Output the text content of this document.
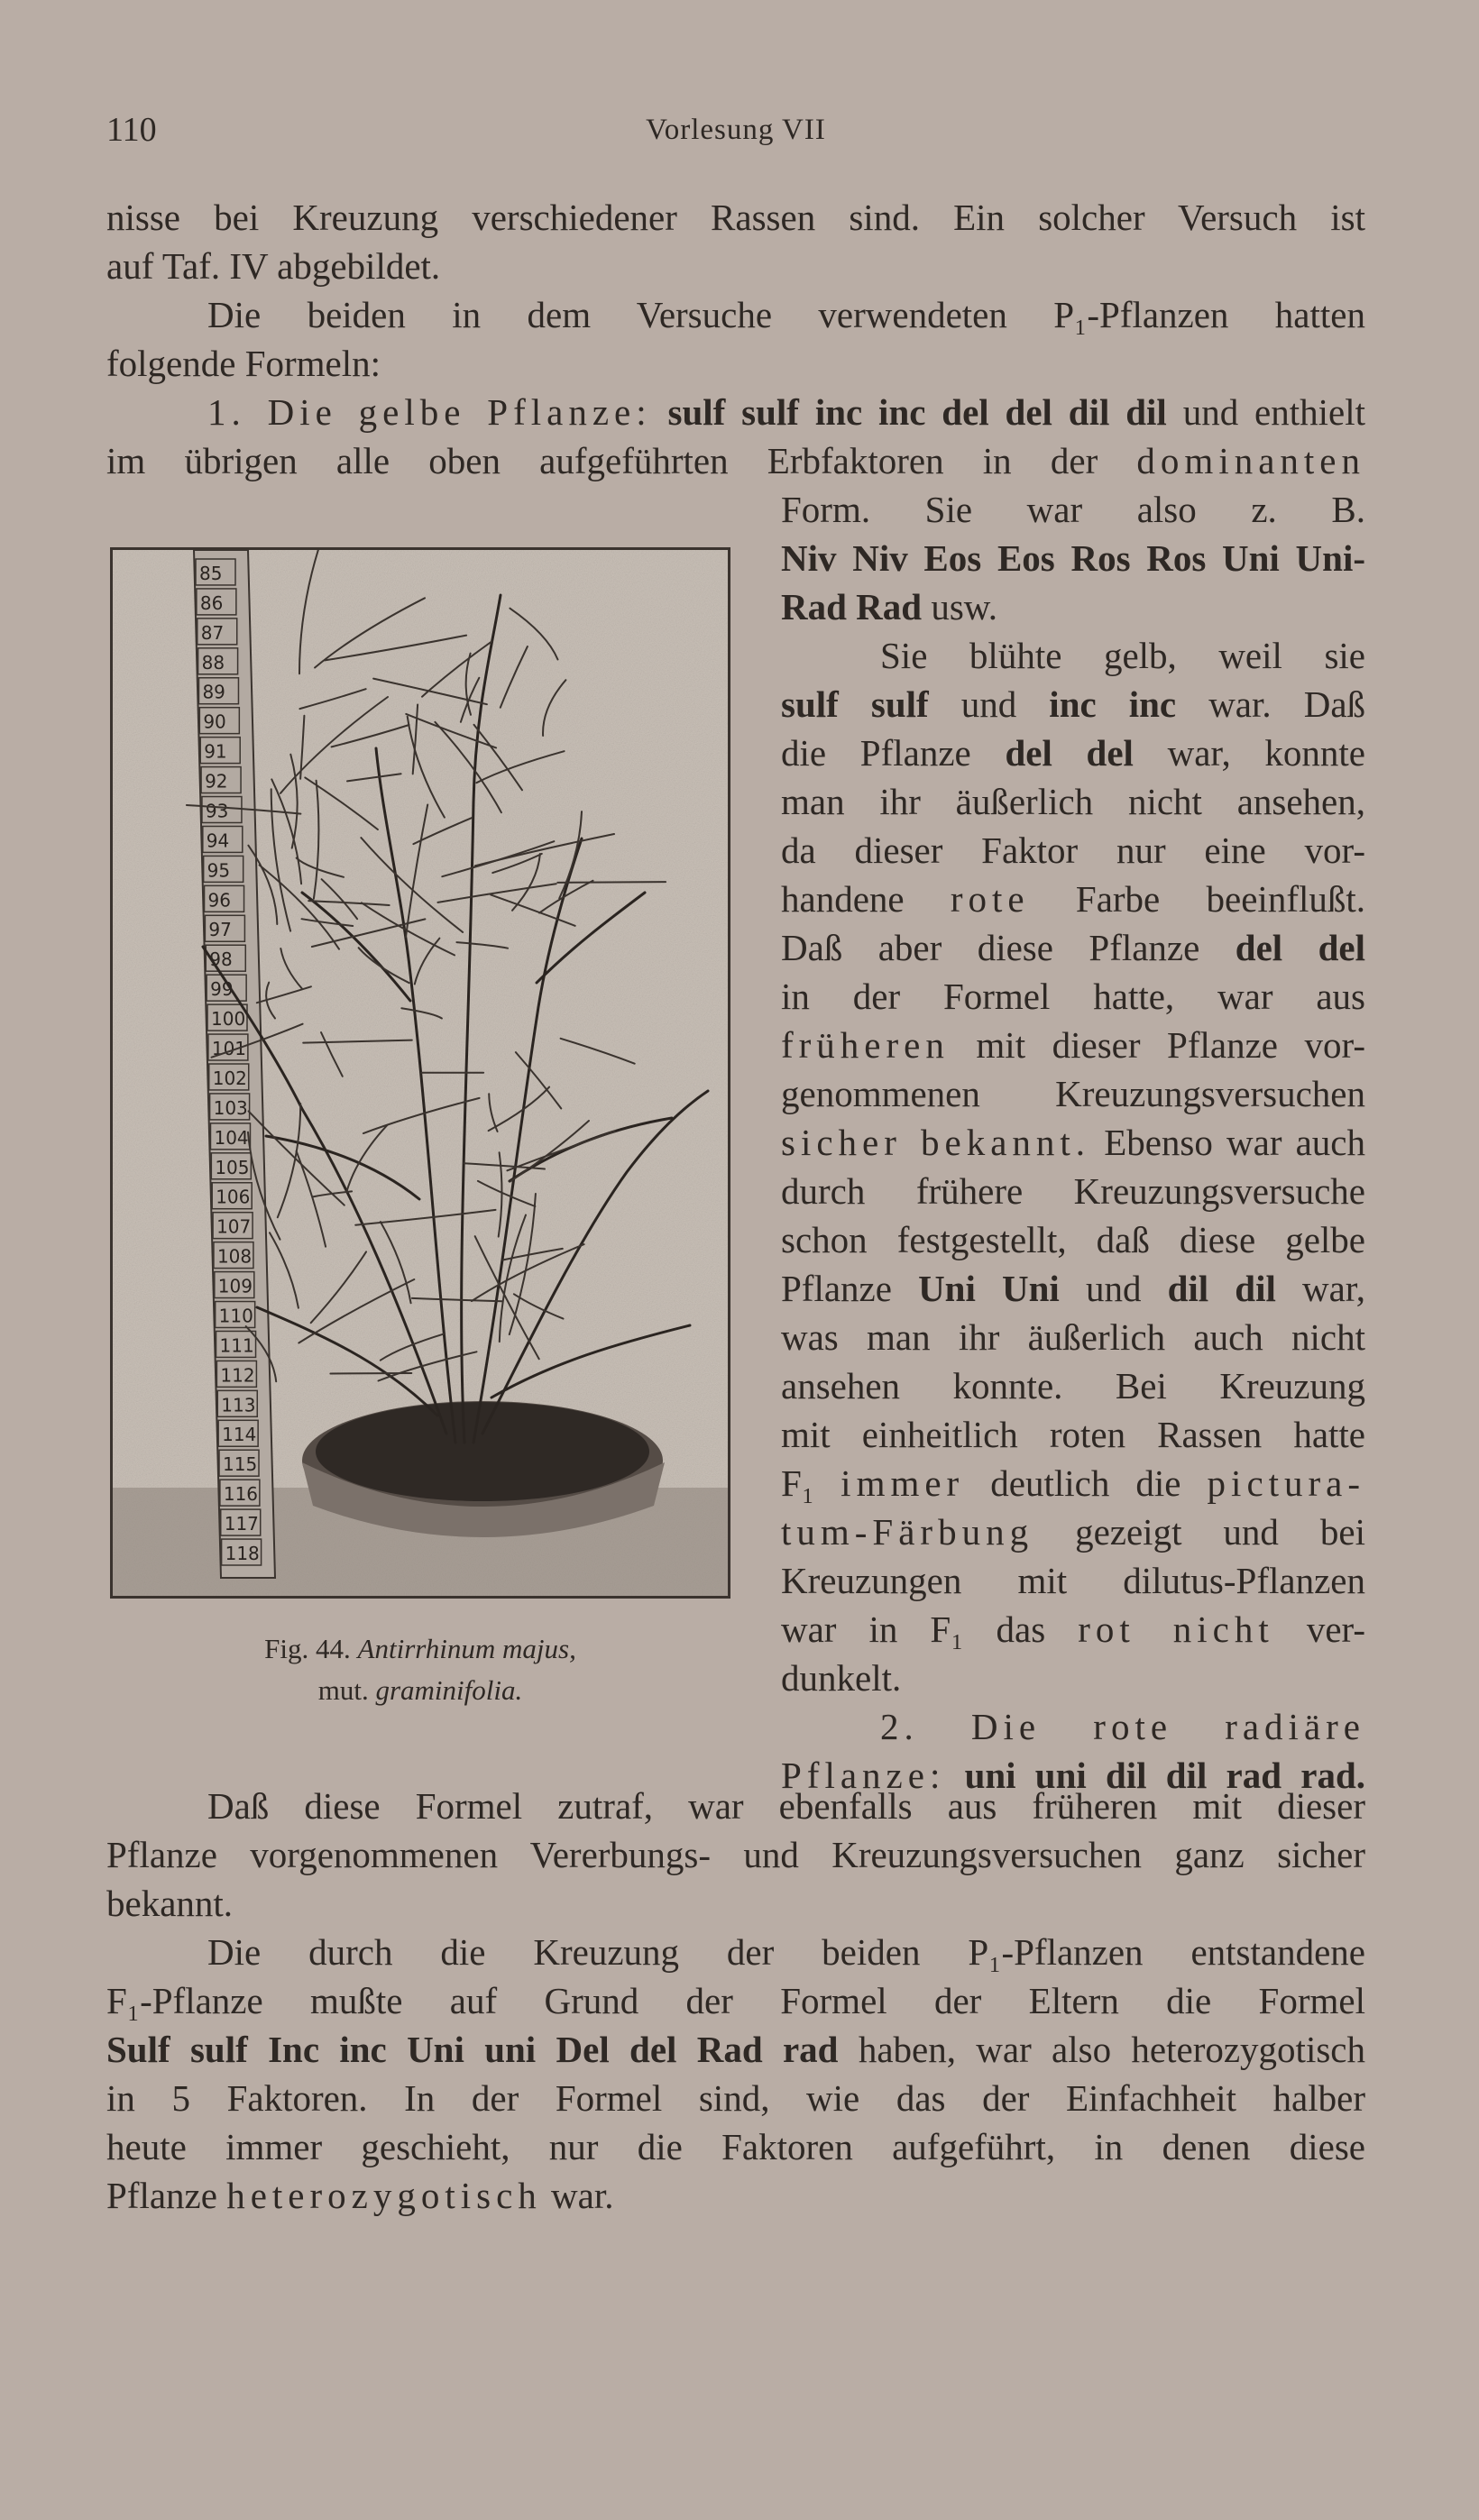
110	Vorlesung VII
nisse bei Kreuzung verschiedener Rassen sind. Ein solcher Versuch ist
auf Taf. IV abgebildet.
Die beiden in dem Versuche verwendeten P₁-Pflanzen hatten
folgende Formeln:
1. Die gelbe Pflanze: sulf sulf inc inc del del dil dil und enthielt
im übrigen alle oben aufgeführten Erbfaktoren in der dominanten
85
86
87
88
89
90
91
92
93
94
95
96
97
98
99
100
101
102
103
104
105
106
107
108
109
110
111
112
113
114
115
116
117
118
Fig. 44. Antirrhinum majus,
mut. graminifolia.
Form. Sie war also z. B.
Niv Niv Eos Eos Ros Ros Uni Uni-
Rad Rad usw.
Sie blühte gelb, weil sie
sulf sulf und inc inc war. Daß
die Pflanze del del war, konnte
man ihr äußerlich nicht ansehen,
da dieser Faktor nur eine vor-
handene rote Farbe beeinflußt.
Daß aber diese Pflanze del del
in der Formel hatte, war aus
früheren mit dieser Pflanze vor-
genommenen Kreuzungsversuchen
sicher bekannt. Ebenso war auch
durch frühere Kreuzungsversuche
schon festgestellt, daß diese gelbe
Pflanze Uni Uni und dil dil war,
was man ihr äußerlich auch nicht
ansehen konnte. Bei Kreuzung
mit einheitlich roten Rassen hatte
F₁ immer deutlich die pictura-
tum-Färbung gezeigt und bei
Kreuzungen mit dilutus-Pflanzen
war in F₁ das rot nicht ver-
dunkelt.
2. Die rote radiäre
Pflanze: uni uni dil dil rad rad.
Daß diese Formel zutraf, war ebenfalls aus früheren mit dieser
Pflanze vorgenommenen Vererbungs- und Kreuzungsversuchen ganz sicher
bekannt.
Die durch die Kreuzung der beiden P₁-Pflanzen entstandene
F₁-Pflanze mußte auf Grund der Formel der Eltern die Formel
Sulf sulf Inc inc Uni uni Del del Rad rad haben, war also heterozygotisch
in 5 Faktoren. In der Formel sind, wie das der Einfachheit halber
heute immer geschieht, nur die Faktoren aufgeführt, in denen diese
Pflanze heterozygotisch war.
